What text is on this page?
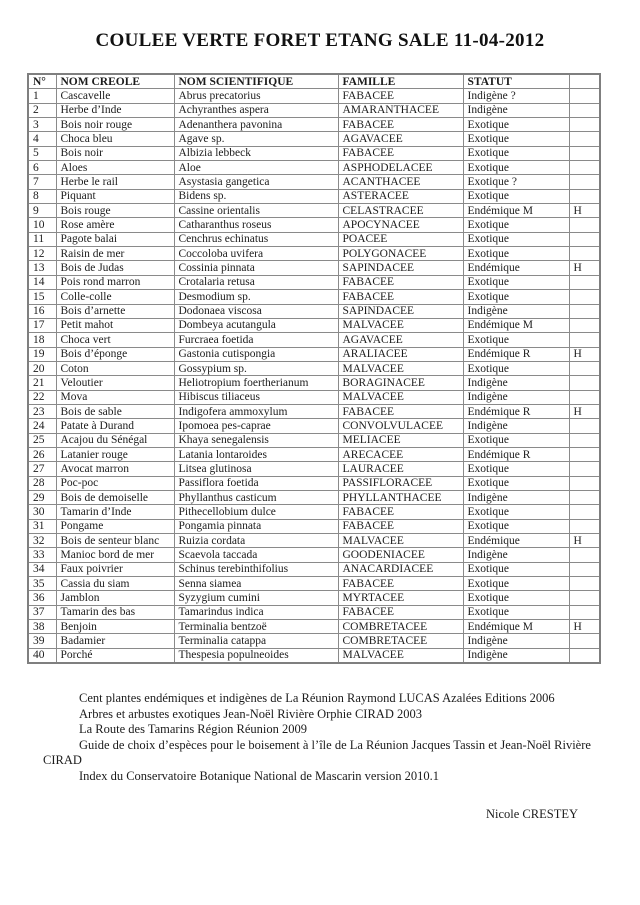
COULEE VERTE FORET ETANG SALE 11-04-2012
N°	NOM CREOLE	NOM SCIENTIFIQUE	FAMILLE	STATUT	
1	Cascavelle	Abrus precatorius	FABACEE	Indigène ?	
2	Herbe d’Inde	Achyranthes aspera	AMARANTHACEE	Indigène	
3	Bois noir rouge	Adenanthera pavonina	FABACEE	Exotique	
4	Choca bleu	Agave sp.	AGAVACEE	Exotique	
5	Bois noir	Albizia lebbeck	FABACEE	Exotique	
6	Aloes	Aloe	ASPHODELACEE	Exotique	
7	Herbe le rail	Asystasia gangetica	ACANTHACEE	Exotique ?	
8	Piquant	Bidens sp.	ASTERACEE	Exotique	
9	Bois rouge	Cassine orientalis	CELASTRACEE	Endémique M	H
10	Rose amère	Catharanthus roseus	APOCYNACEE	Exotique	
11	Pagote balai	Cenchrus echinatus	POACEE	Exotique	
12	Raisin de mer	Coccoloba uvifera	POLYGONACEE	Exotique	
13	Bois de Judas	Cossinia pinnata	SAPINDACEE	Endémique	H
14	Pois rond marron	Crotalaria retusa	FABACEE	Exotique	
15	Colle-colle	Desmodium sp.	FABACEE	Exotique	
16	Bois d’arnette	Dodonaea viscosa	SAPINDACEE	Indigène	
17	Petit mahot	Dombeya acutangula	MALVACEE	Endémique M	
18	Choca vert	Furcraea foetida	AGAVACEE	Exotique	
19	Bois d’éponge	Gastonia cutispongia	ARALIACEE	Endémique R	H
20	Coton	Gossypium sp.	MALVACEE	Exotique	
21	Veloutier	Heliotropium foertherianum	BORAGINACEE	Indigène	
22	Mova	Hibiscus tiliaceus	MALVACEE	Indigène	
23	Bois de sable	Indigofera ammoxylum	FABACEE	Endémique R	H
24	Patate à Durand	Ipomoea pes-caprae	CONVOLVULACEE	Indigène	
25	Acajou du Sénégal	Khaya senegalensis	MELIACEE	Exotique	
26	Latanier rouge	Latania lontaroides	ARECACEE	Endémique R	
27	Avocat marron	Litsea glutinosa	LAURACEE	Exotique	
28	Poc-poc	Passiflora foetida	PASSIFLORACEE	Exotique	
29	Bois de demoiselle	Phyllanthus casticum	PHYLLANTHACEE	Indigène	
30	Tamarin d’Inde	Pithecellobium dulce	FABACEE	Exotique	
31	Pongame	Pongamia pinnata	FABACEE	Exotique	
32	Bois de senteur blanc	Ruizia cordata	MALVACEE	Endémique	H
33	Manioc bord de mer	Scaevola taccada	GOODENIACEE	Indigène	
34	Faux poivrier	Schinus terebinthifolius	ANACARDIACEE	Exotique	
35	Cassia du siam	Senna siamea	FABACEE	Exotique	
36	Jamblon	Syzygium cumini	MYRTACEE	Exotique	
37	Tamarin des bas	Tamarindus indica	FABACEE	Exotique	
38	Benjoin	Terminalia bentzoë	COMBRETACEE	Endémique M	H
39	Badamier	Terminalia catappa	COMBRETACEE	Indigène	
40	Porché	Thespesia populneoides	MALVACEE	Indigène	

Cent plantes endémiques et indigènes de La Réunion Raymond LUCAS Azalées Editions 2006

Arbres et arbustes exotiques Jean-Noël Rivière Orphie CIRAD 2003

La Route des Tamarins Région Réunion 2009

Guide de choix d’espèces pour le boisement à l’île de La Réunion Jacques Tassin et Jean-Noël Rivière CIRAD

Index du Conservatoire Botanique National de Mascarin version 2010.1

Nicole CRESTEY
